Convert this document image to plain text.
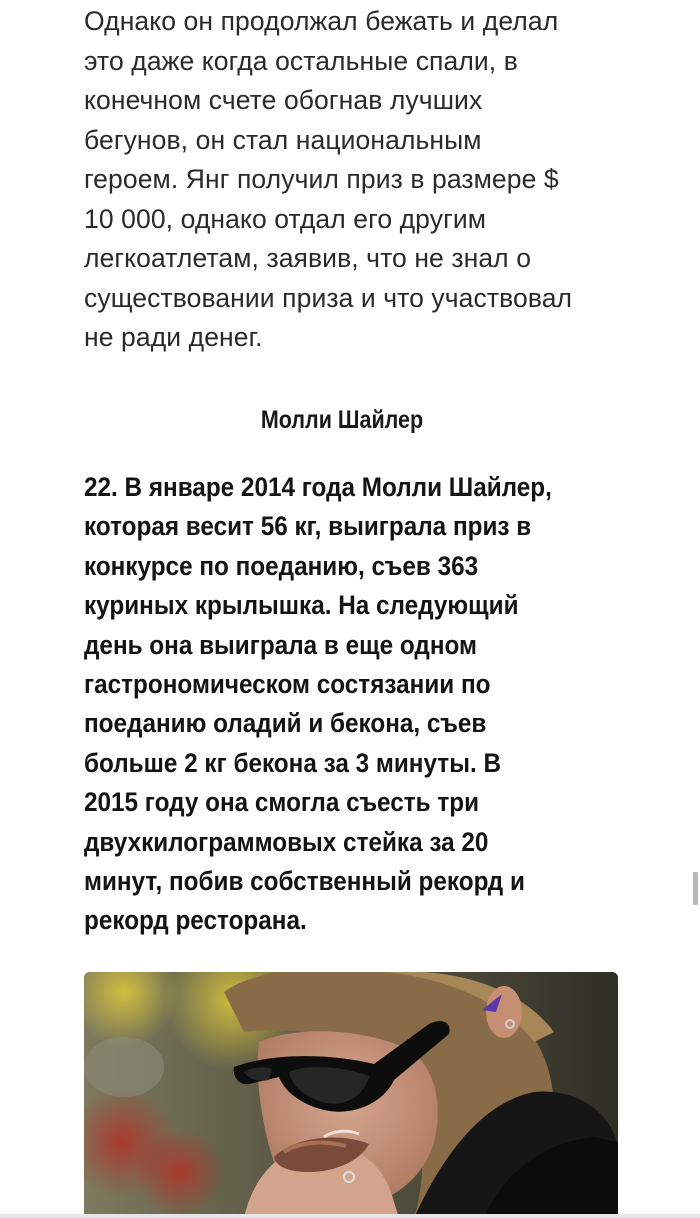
Однако он продолжал бежать и делал
это даже когда остальные спали, в
конечном счете обогнав лучших
бегунов, он стал национальным
героем. Янг получил приз в размере $
10 000, однако отдал его другим
легкоатлетам, заявив, что не знал о
существовании приза и что участвовал
не ради денег.

Молли Шайлер

22. В январе 2014 года Молли Шайлер,
которая весит 56 кг, выиграла приз в
конкурсе по поеданию, съев 363
куриных крылышка. На следующий
день она выиграла в еще одном
гастрономическом состязании по
поеданию оладий и бекона, съев
больше 2 кг бекона за 3 минуты. В
2015 году она смогла съесть три
двухкилограммовых стейка за 20
минут, побив собственный рекорд и
рекорд ресторана.
